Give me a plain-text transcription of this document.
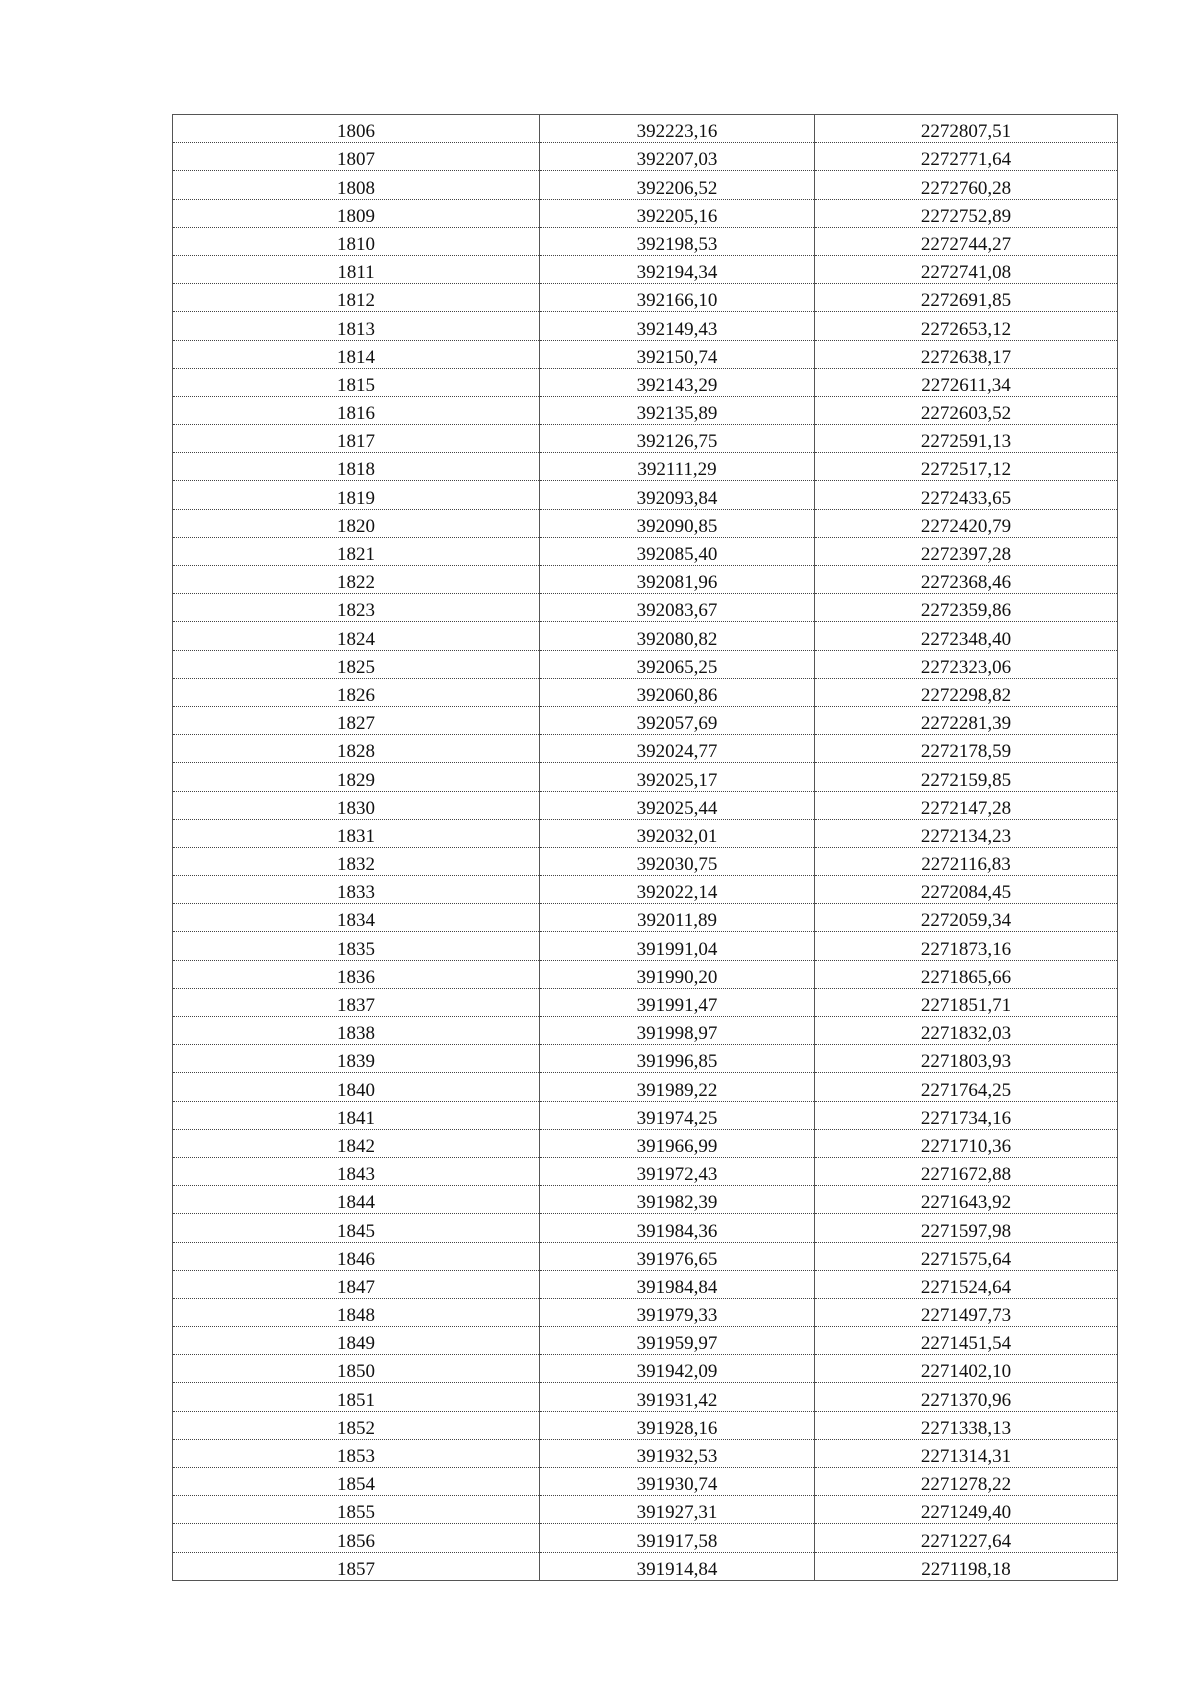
1806	392223,16	2272807,51
1807	392207,03	2272771,64
1808	392206,52	2272760,28
1809	392205,16	2272752,89
1810	392198,53	2272744,27
1811	392194,34	2272741,08
1812	392166,10	2272691,85
1813	392149,43	2272653,12
1814	392150,74	2272638,17
1815	392143,29	2272611,34
1816	392135,89	2272603,52
1817	392126,75	2272591,13
1818	392111,29	2272517,12
1819	392093,84	2272433,65
1820	392090,85	2272420,79
1821	392085,40	2272397,28
1822	392081,96	2272368,46
1823	392083,67	2272359,86
1824	392080,82	2272348,40
1825	392065,25	2272323,06
1826	392060,86	2272298,82
1827	392057,69	2272281,39
1828	392024,77	2272178,59
1829	392025,17	2272159,85
1830	392025,44	2272147,28
1831	392032,01	2272134,23
1832	392030,75	2272116,83
1833	392022,14	2272084,45
1834	392011,89	2272059,34
1835	391991,04	2271873,16
1836	391990,20	2271865,66
1837	391991,47	2271851,71
1838	391998,97	2271832,03
1839	391996,85	2271803,93
1840	391989,22	2271764,25
1841	391974,25	2271734,16
1842	391966,99	2271710,36
1843	391972,43	2271672,88
1844	391982,39	2271643,92
1845	391984,36	2271597,98
1846	391976,65	2271575,64
1847	391984,84	2271524,64
1848	391979,33	2271497,73
1849	391959,97	2271451,54
1850	391942,09	2271402,10
1851	391931,42	2271370,96
1852	391928,16	2271338,13
1853	391932,53	2271314,31
1854	391930,74	2271278,22
1855	391927,31	2271249,40
1856	391917,58	2271227,64
1857	391914,84	2271198,18
